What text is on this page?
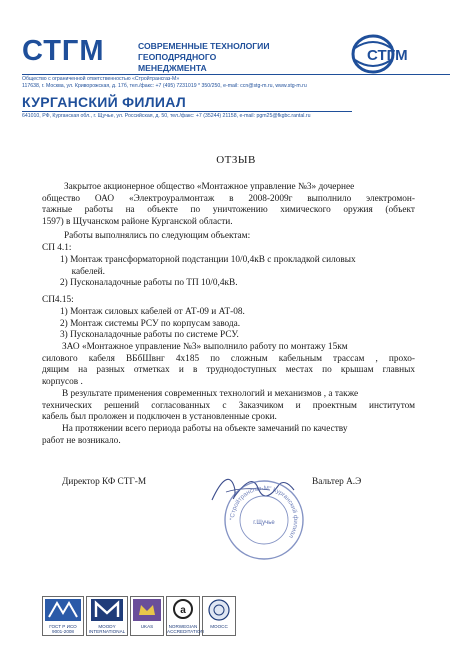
СТГМ	СОВРЕМЕННЫЕ ТЕХНОЛОГИИ
ГЕОПОДРЯДНОГО МЕНЕДЖМЕНТА
СТГМ
Общество с ограниченной ответственностью «Стройтрансгаз-М»
117638, г. Москва, ул. Криворожская, д. 17б, тел./факс: +7 (495) 7231019 * 350/250, e-mail: ccn@stg-m.ru, www.stg-m.ru
КУРГАНСКИЙ ФИЛИАЛ
641010, РФ, Курганская обл., г. Щучье, ул. Российская, д. 50, тел./факс: +7 (35244) 21158, e-mail: pgm25@fkgbc.rantal.ru
ОТЗЫВ
Закрытое акционерное общество «Монтажное управление №3» дочернее
общество ОАО «Электроуралмонтаж в 2008-2009г выполнило электромон-
тажные работы на объекте по уничтожению химического оружия (объект
1597) в Щучанском районе Курганской области.
Работы выполнялись по следующим объектам:
СП 4.1:
1) Монтаж трансформаторной подстанции 10/0,4кВ с прокладкой силовых
кабелей.
2) Пусконаладочные работы по ТП 10/0,4кВ.
СП4.15:
1) Монтаж силовых кабелей от АТ-09 и АТ-08.
2) Монтаж системы РСУ по корпусам завода.
3) Пусконаладочные работы по системе РСУ.
ЗАО «Монтажное управление №3» выполнило работу по монтажу 15км
силового кабеля ВБбШвнг 4х185 по сложным кабельным трассам , прохо-
дящим на разных отметках и в труднодоступных местах по крышам главных
корпусов .
В результате применения современных технологий и механизмов , а также
технических решений согласованных с Заказчиком и проектным институтом
кабель был проложен и подключен в установленные сроки.
На протяжении всего периода работы на объекте замечаний по качеству
работ не возникало.
Директор КФ СТГ-М	Вальтер А.Э
"Стройтрансгаз-М" Курганский филиал
г.Щучье
ГОСТ Р ИСО 9001-2008
MOODY INTERNATIONAL
UKAS
a
NORWEGIAN ACCREDITATION
МООСС
